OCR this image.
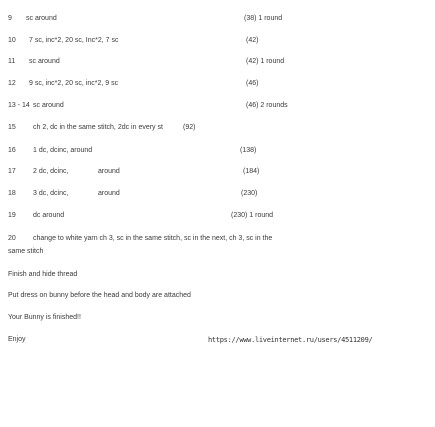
9 sc around	(38) 1 round
10 7 sc, inc*2, 20 sc, Inc*2, 7 sc	(42)
11 sc around	(42) 1 round
12 9 sc, inc*2, 20 sc, inc*2, 9 sc	(46)
13 - 14 sc around	(46) 2 rounds
15 ch 2, dc in the same stitch, 2dc in every st	(92)
16 1 dc, dcinc, around	(138)
17 2 dc, dcinc,	around	(184)
18 3 dc, dcinc,	around	(230)
19 dc around	(230) 1 round
20 change to white yarn ch 3, sc in the same stitch, sc in the next, ch 3, sc in the
same stitch
Finish and hide thread
Put dress on bunny before the head and body are attached
Your Bunny is finished!!
Enjoy	https://www.liveinternet.ru/users/4511209/
